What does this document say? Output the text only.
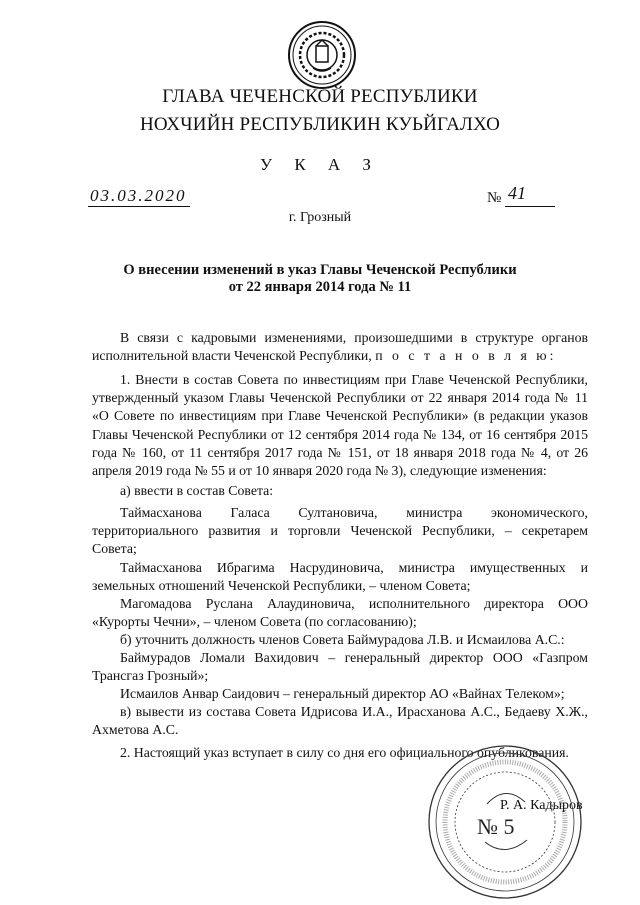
ГЛАВА ЧЕЧЕНСКОЙ РЕСПУБЛИКИ
НОХЧИЙН РЕСПУБЛИКИН КУЬЙГАЛХО
У К А З
03.03.2020	№ 41
г. Грозный
О внесении изменений в указ Главы Чеченской Республики
от 22 января 2014 года № 11

В связи с кадровыми изменениями, произошедшими в структуре органов исполнительной власти Чеченской Республики, п о с т а н о в л я ю:

1. Внести в состав Совета по инвестициям при Главе Чеченской Республики, утвержденный указом Главы Чеченской Республики от 22 января 2014 года № 11 «О Совете по инвестициям при Главе Чеченской Республики» (в редакции указов Главы Чеченской Республики от 12 сентября 2014 года № 134, от 16 сентября 2015 года № 160, от 11 сентября 2017 года № 151, от 18 января 2018 года № 4, от 26 апреля 2019 года № 55 и от 10 января 2020 года № 3), следующие изменения:

а) ввести в состав Совета:

Таймасханова Галаса Султановича, министра экономического, территориального развития и торговли Чеченской Республики, – секретарем Совета;

Таймасханова Ибрагима Насрудиновича, министра имущественных и земельных отношений Чеченской Республики, – членом Совета;

Магомадова Руслана Алаудиновича, исполнительного директора ООО «Курорты Чечни», – членом Совета (по согласованию);

б) уточнить должность членов Совета Баймурадова Л.В. и Исмаилова А.С.:

Баймурадов Ломали Вахидович – генеральный директор ООО «Газпром Трансгаз Грозный»;

Исмаилов Анвар Саидович – генеральный директор АО «Вайнах Телеком»;

в) вывести из состава Совета Идрисова И.А., Ирасханова А.С., Бедаеву Х.Ж., Ахметова А.С.

2. Настоящий указ вступает в силу со дня его официального опубликования.

№ 5
Р. А. Кадыров
